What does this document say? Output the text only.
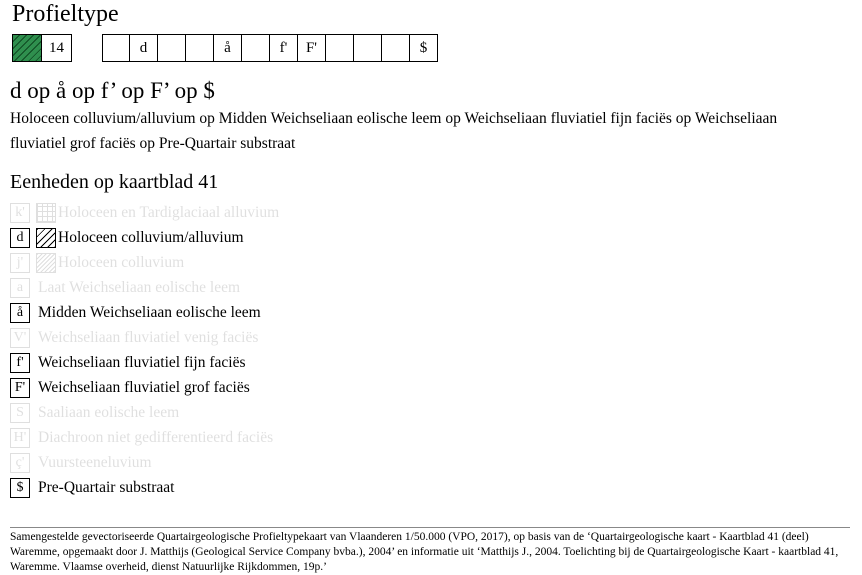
Profieltype
14	d	å	f'	F'	$
d op å op f’ op F’ op $
Holoceen colluvium/alluvium op Midden Weichseliaan eolische leem op Weichseliaan fluviatiel fijn faciës op Weichseliaan fluviatiel grof faciës op Pre-Quartair substraat
Eenheden op kaartblad 41
k'	Holoceen en Tardiglaciaal alluvium
d	Holoceen colluvium/alluvium
j'	Holoceen colluvium
a Laat Weichseliaan eolische leem
å Midden Weichseliaan eolische leem
V' Weichseliaan fluviatiel venig faciës
f' Weichseliaan fluviatiel fijn faciës
F' Weichseliaan fluviatiel grof faciës
S Saaliaan eolische leem
H' Diachroon niet gedifferentieerd faciës
ç' Vuursteeneluvium
$ Pre-Quartair substraat
Samengestelde gevectoriseerde Quartairgeologische Profieltypekaart van Vlaanderen 1/50.000 (VPO, 2017), op basis van de ‘Quartairgeologische kaart - Kaartblad 41 (deel) Waremme, opgemaakt door J. Matthijs (Geological Service Company bvba.), 2004’ en informatie uit ‘Matthijs J., 2004. Toelichting bij de Quartairgeologische Kaart - kaartblad 41, Waremme. Vlaamse overheid, dienst Natuurlijke Rijkdommen, 19p.’
